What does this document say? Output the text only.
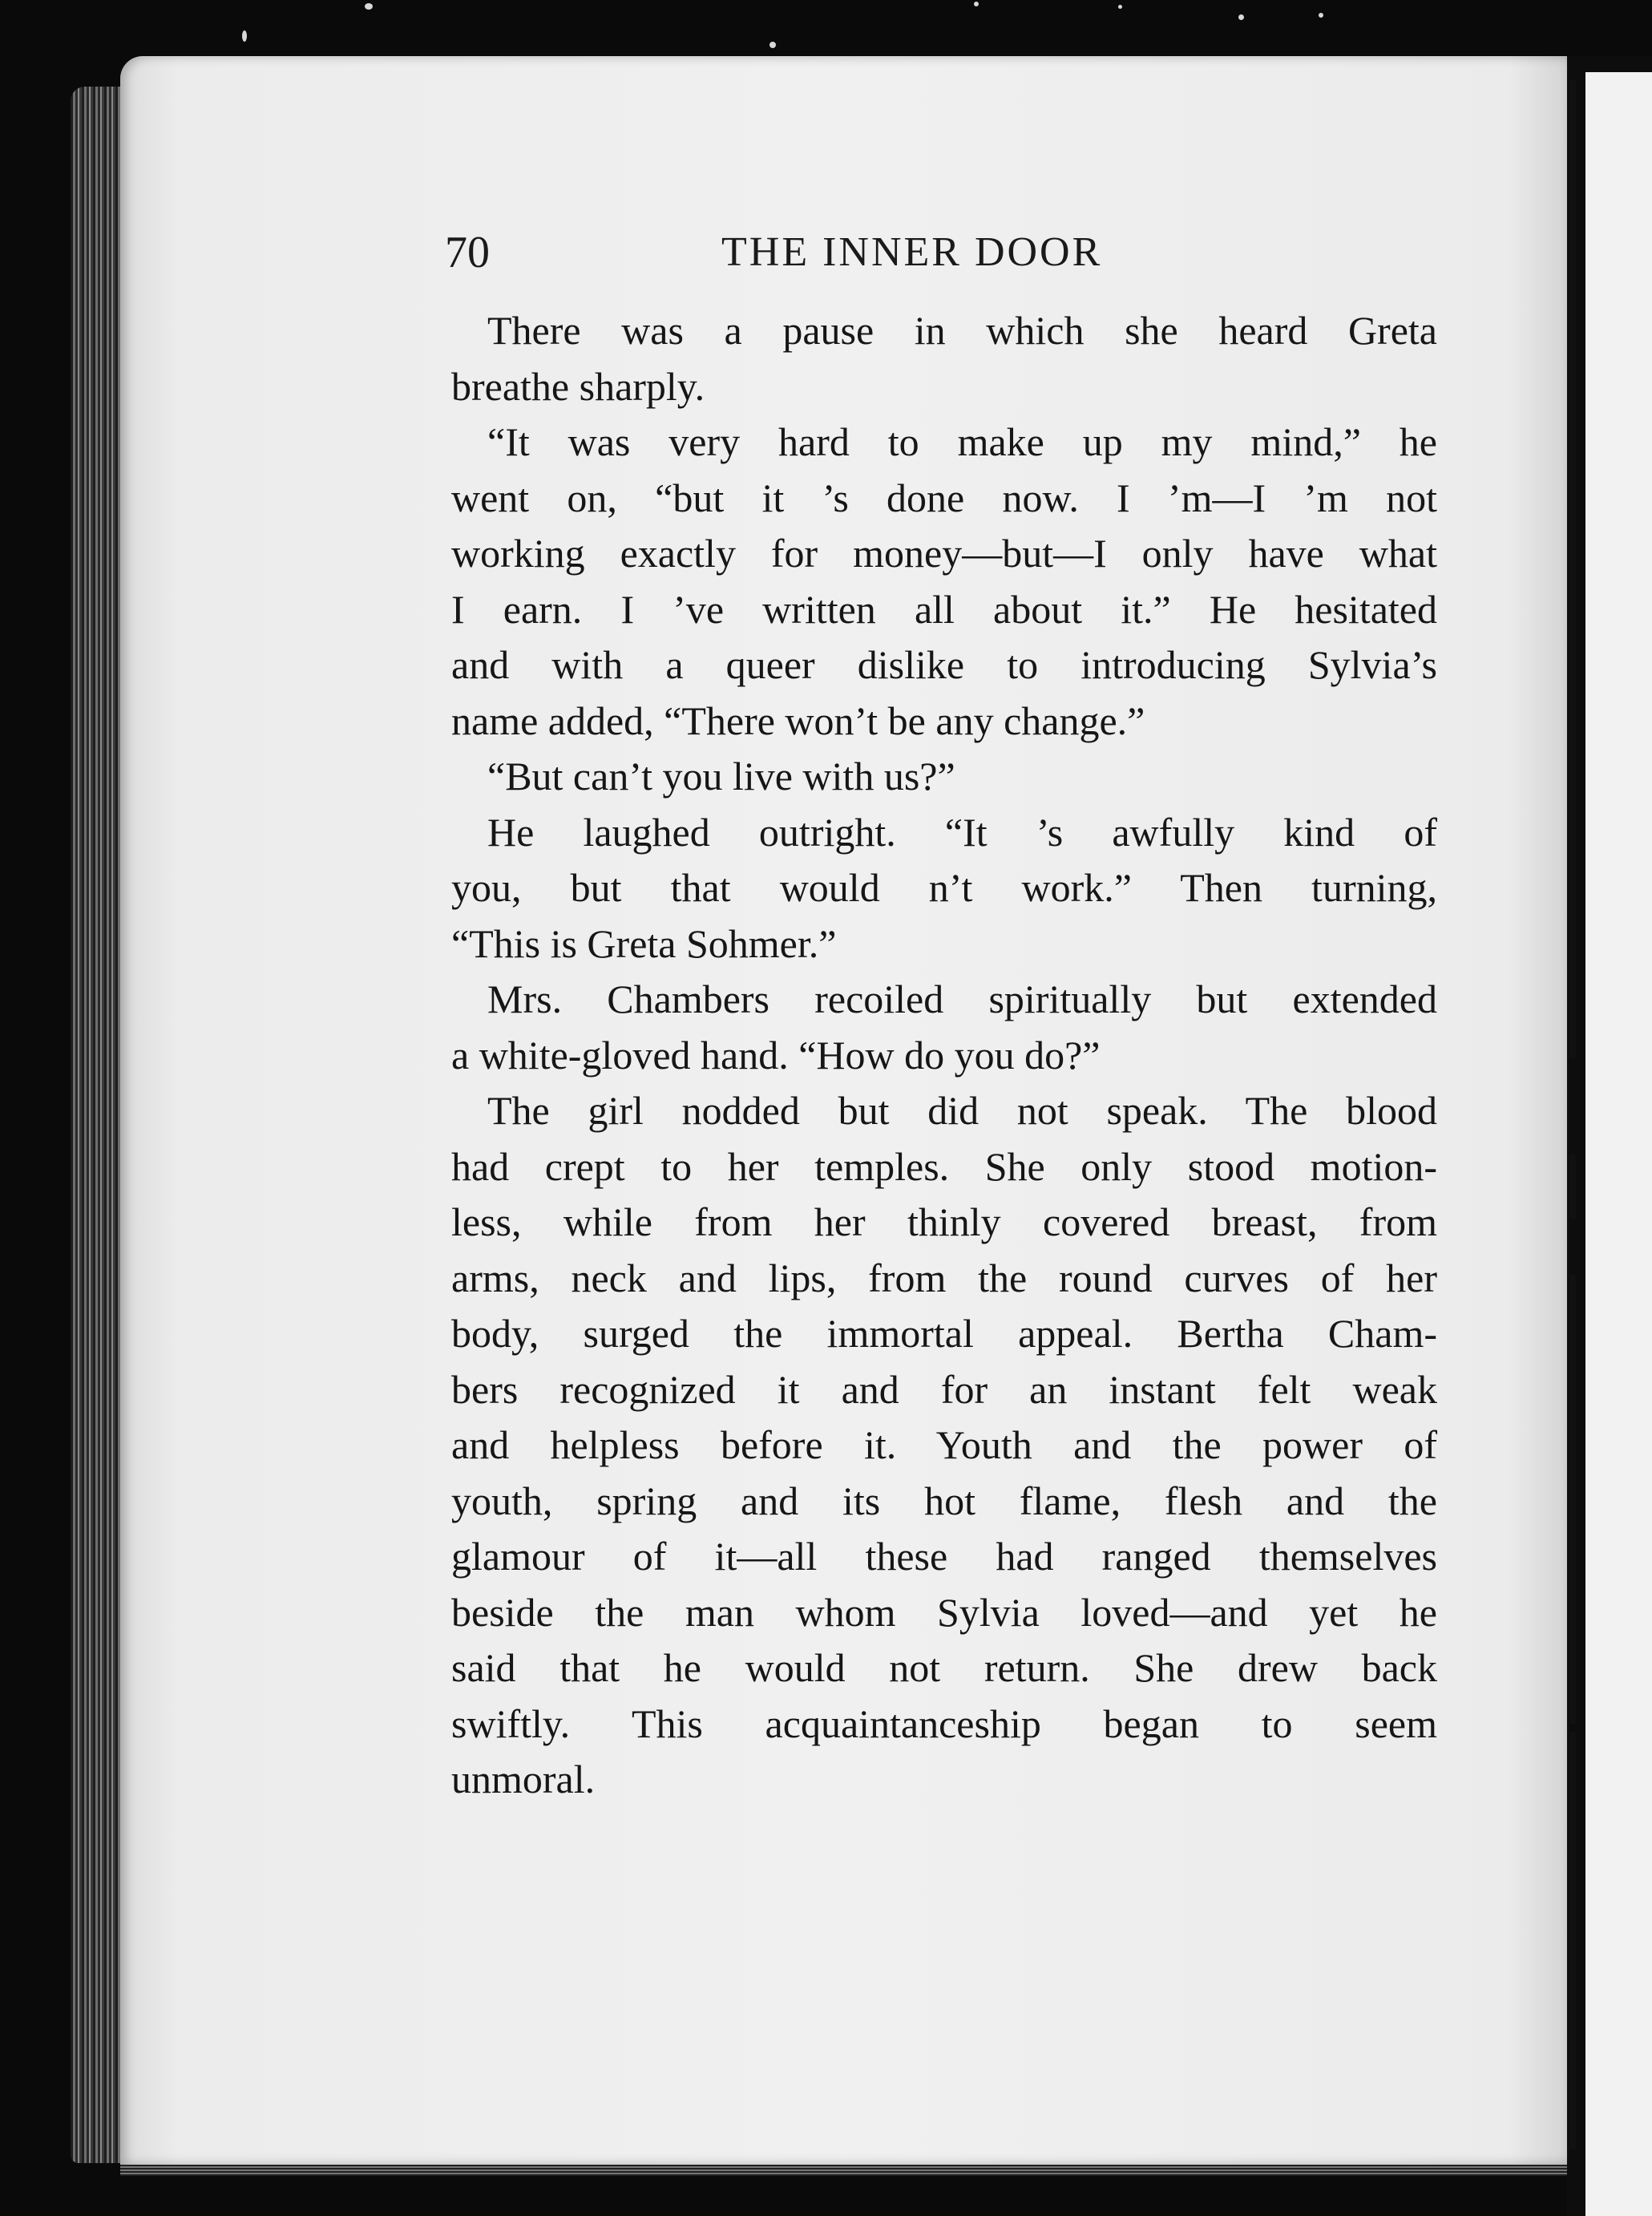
70	THE INNER DOOR
There was a pause in which she heard Greta
breathe sharply.
“It was very hard to make up my mind,” he
went on, “but it ’s done now. I ’m—I ’m not
working exactly for money—but—I only have what
I earn. I ’ve written all about it.” He hesitated
and with a queer dislike to introducing Sylvia’s
name added, “There won’t be any change.”
“But can’t you live with us?”
He laughed outright. “It ’s awfully kind of
you, but that would n’t work.” Then turning,
“This is Greta Sohmer.”
Mrs. Chambers recoiled spiritually but extended
a white-gloved hand. “How do you do?”
The girl nodded but did not speak. The blood
had crept to her temples. She only stood motion-
less, while from her thinly covered breast, from
arms, neck and lips, from the round curves of her
body, surged the immortal appeal. Bertha Cham-
bers recognized it and for an instant felt weak
and helpless before it. Youth and the power of
youth, spring and its hot flame, flesh and the
glamour of it—all these had ranged themselves
beside the man whom Sylvia loved—and yet he
said that he would not return. She drew back
swiftly. This acquaintanceship began to seem
unmoral.
